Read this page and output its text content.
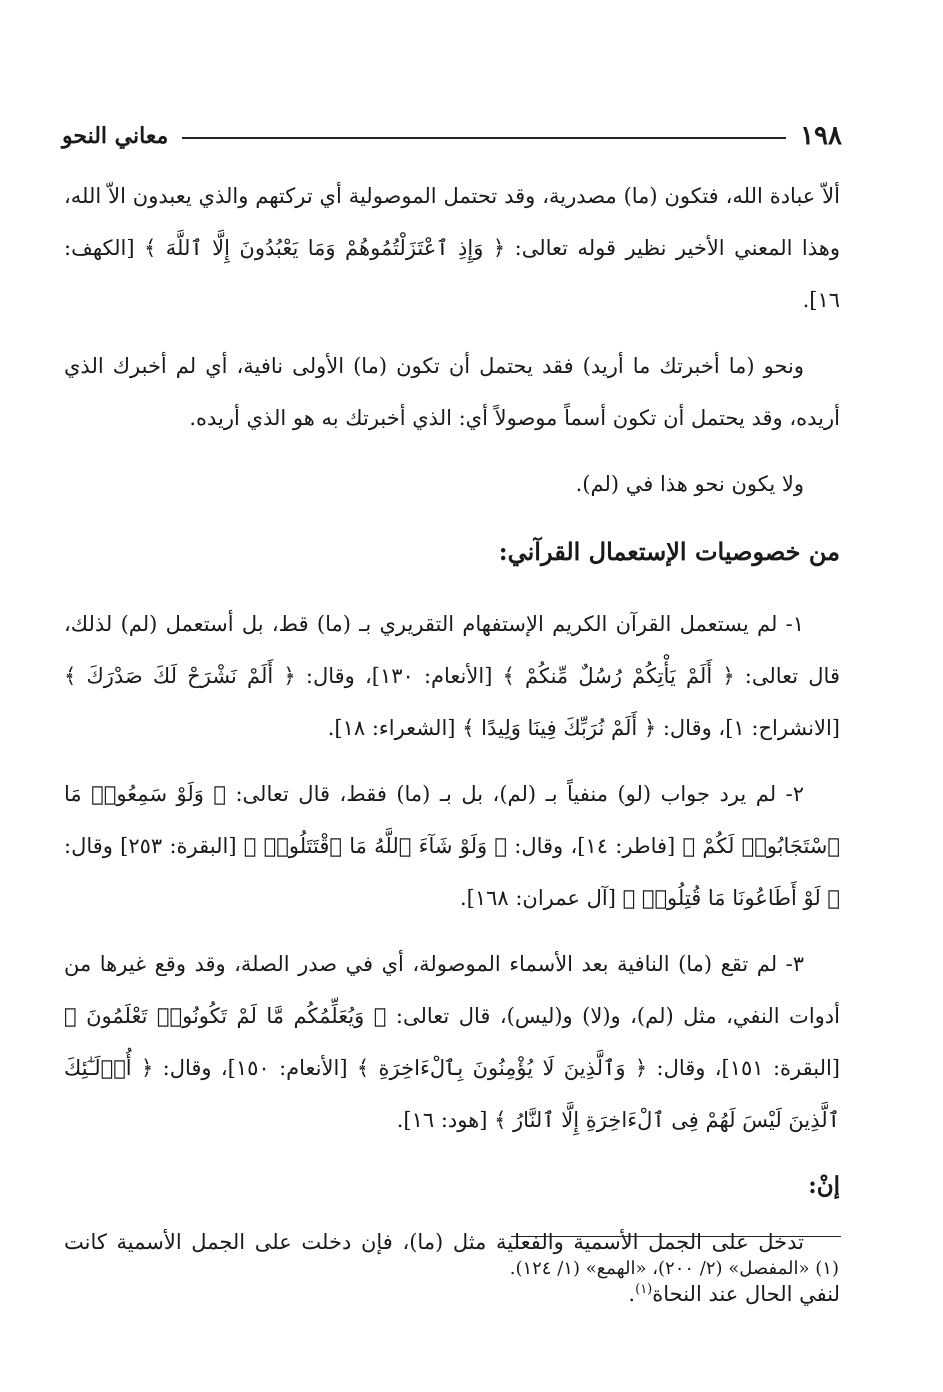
١٩٨
معاني النحو

ألاّ عبادة الله، فتكون (ما) مصدرية، وقد تحتمل الموصولية أي تركتهم والذي يعبدون الاّ الله، وهذا المعني الأخير نظير قوله تعالى: ﴿ وَإِذِ ٱعْتَزَلْتُمُوهُمْ وَمَا يَعْبُدُونَ إِلَّا ٱللَّهَ ﴾ [الكهف: ١٦].

ونحو (ما أخبرتك ما أريد) فقد يحتمل أن تكون (ما) الأولى نافية، أي لم أخبرك الذي أريده، وقد يحتمل أن تكون أسماً موصولاً أي: الذي أخبرتك به هو الذي أريده.

ولا يكون نحو هذا في (لم).

من خصوصيات الإستعمال القرآني:

١- لم يستعمل القرآن الكريم الإستفهام التقريري بـ (ما) قط، بل أستعمل (لم) لذلك، قال تعالى: ﴿ أَلَمْ يَأْتِكُمْ رُسُلٌ مِّنكُمْ ﴾ [الأنعام: ١٣٠]، وقال: ﴿ أَلَمْ نَشْرَحْ لَكَ صَدْرَكَ ﴾ [الانشراح: ١]، وقال: ﴿ أَلَمْ نُرَبِّكَ فِينَا وَلِيدًا ﴾ [الشعراء: ١٨].

٢- لم يرد جواب (لو) منفياً بـ (لم)، بل بـ (ما) فقط، قال تعالى: ﴿ وَلَوْ سَمِعُوا۟ مَا ٱسْتَجَابُوا۟ لَكُمْ ﴾ [فاطر: ١٤]، وقال: ﴿ وَلَوْ شَآءَ ٱللَّهُ مَا ٱقْتَتَلُوا۟ ﴾ [البقرة: ٢٥٣] وقال: ﴿ لَوْ أَطَاعُونَا مَا قُتِلُوا۟ ﴾ [آل عمران: ١٦٨].

٣- لم تقع (ما) النافية بعد الأسماء الموصولة، أي في صدر الصلة، وقد وقع غيرها من أدوات النفي، مثل (لم)، و(لا) و(ليس)، قال تعالى: ﴿ وَيُعَلِّمُكُم مَّا لَمْ تَكُونُوا۟ تَعْلَمُونَ ﴾ [البقرة: ١٥١]، وقال: ﴿ وَٱلَّذِينَ لَا يُؤْمِنُونَ بِٱلْءَاخِرَةِ ﴾ [الأنعام: ١٥٠]، وقال: ﴿ أُو۟لَـٰٓئِكَ ٱلَّذِينَ لَيْسَ لَهُمْ فِى ٱلْءَاخِرَةِ إِلَّا ٱلنَّارُ ﴾ [هود: ١٦].

إنْ:

تدخل على الجمل الأسمية والفعلية مثل (ما)، فإن دخلت على الجمل الأسمية كانت لنفي الحال عند النحاة$^{(١)}$.

(١) «المفصل» (٢/ ٢٠٠)، «الهمع» (١/ ١٢٤).
